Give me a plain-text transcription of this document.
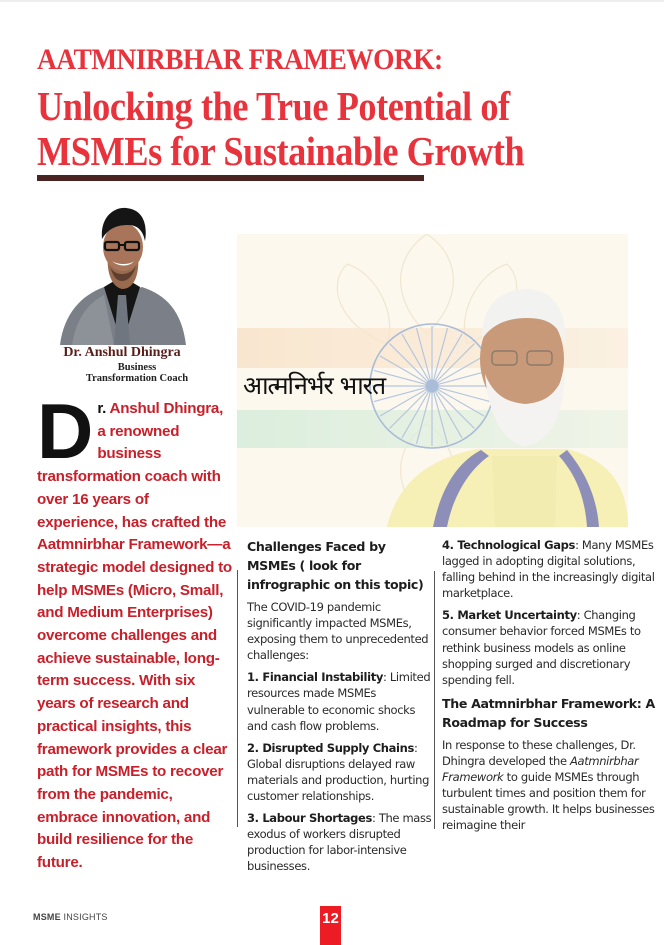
AATMNIRBHAR FRAMEWORK:
Unlocking the True Potential of
MSMEs for Sustainable Growth
Dr. Anshul Dhingra
Business
Transformation Coach
Dr. Anshul Dhingra, a renowned business transformation coach with over 16 years of experience, has crafted the Aatmnirbhar Framework—a strategic model designed to help MSMEs (Micro, Small, and Medium Enterprises) overcome challenges and achieve sustainable, long-term success. With six years of research and practical insights, this framework provides a clear path for MSMEs to recover from the pandemic, embrace innovation, and build resilience for the future.
आत्मनिर्भर भारत
Challenges Faced by MSMEs ( look for infrographic on this topic)

The COVID-19 pandemic significantly impacted MSMEs, exposing them to unprecedented challenges:

1. Financial Instability: Limited resources made MSMEs vulnerable to economic shocks and cash flow problems.

2. Disrupted Supply Chains: Global disruptions delayed raw materials and production, hurting customer relationships.

3. Labour Shortages: The mass exodus of workers disrupted production for labor-intensive businesses.

4. Technological Gaps: Many MSMEs lagged in adopting digital solutions, falling behind in the increasingly digital marketplace.

5. Market Uncertainty: Changing consumer behavior forced MSMEs to rethink business models as online shopping surged and discretionary spending fell.

The Aatmnirbhar Framework: A Roadmap for Success

In response to these challenges, Dr. Dhingra developed the Aatmnirbhar Framework to guide MSMEs through turbulent times and position them for sustainable growth. It helps businesses reimagine their

MSME INSIGHTS	12
